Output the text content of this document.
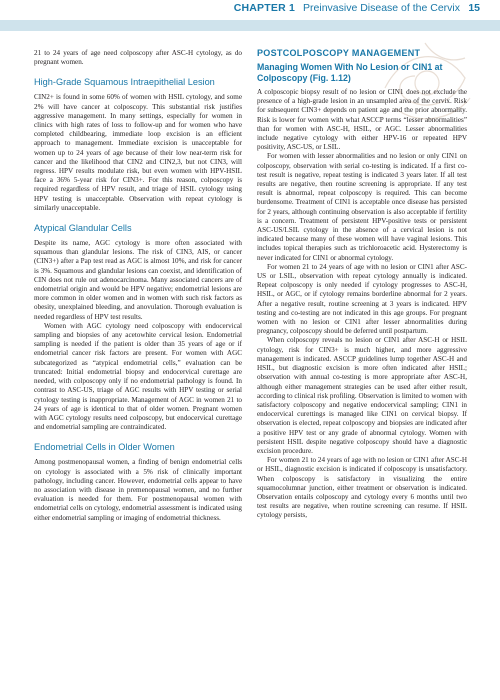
CHAPTER 1 Preinvasive Disease of the Cervix 15

21 to 24 years of age need colposcopy after ASC-H cytology, as do pregnant women.

High-Grade Squamous Intraepithelial Lesion

CIN2+ is found in some 60% of women with HSIL cytology, and some 2% will have cancer at colposcopy. This substantial risk justifies aggressive management. In many settings, especially for women in clinics with high rates of loss to follow-up and for women who have completed childbearing, immediate loop excision is an efficient approach to management. Immediate excision is unacceptable for women up to 24 years of age because of their low near-term risk for cancer and the likelihood that CIN2 and CIN2,3, but not CIN3, will regress. HPV results modulate risk, but even women with HPV-HSIL face a 36% 5-year risk for CIN3+. For this reason, colposcopy is required regardless of HPV result, and triage of HSIL cytology using HPV testing is unacceptable. Observation with repeat cytology is similarly unacceptable.

Atypical Glandular Cells

Despite its name, AGC cytology is more often associated with squamous than glandular lesions. The risk of CIN3, AIS, or cancer (CIN3+) after a Pap test read as AGC is almost 10%, and risk for cancer is 3%. Squamous and glandular lesions can coexist, and identification of CIN does not rule out adenocarcinoma. Many associated cancers are of endometrial origin and would be HPV negative; endometrial lesions are more common in older women and in women with such risk factors as obesity, unexplained bleeding, and anovulation. Thorough evaluation is needed regardless of HPV test results.

Women with AGC cytology need colposcopy with endocervical sampling and biopsies of any acetowhite cervical lesion. Endometrial sampling is needed if the patient is older than 35 years of age or if endometrial cancer risk factors are present. For women with AGC subcategorized as “atypical endometrial cells,” evaluation can be truncated: Initial endometrial biopsy and endocervical curettage are needed, with colposcopy only if no endometrial pathology is found. In contrast to ASC-US, triage of AGC results with HPV testing or serial cytology testing is inappropriate. Management of AGC in women 21 to 24 years of age is identical to that of older women. Pregnant women with AGC cytology results need colposcopy, but endocervical curettage and endometrial sampling are contraindicated.

Endometrial Cells in Older Women

Among postmenopausal women, a finding of benign endometrial cells on cytology is associated with a 5% risk of clinically important pathology, including cancer. However, endometrial cells appear to have no association with disease in premenopausal women, and no further evaluation is needed for them. For postmenopausal women with endometrial cells on cytology, endometrial assessment is indicated using either endometrial sampling or imaging of endometrial thickness.

POSTCOLPOSCOPY MANAGEMENT
Managing Women With No Lesion or CIN1 at
Colposcopy (Fig. 1.12)

A colposcopic biopsy result of no lesion or CIN1 does not exclude the presence of a high-grade lesion in an unsampled area of the cervix. Risk for subsequent CIN3+ depends on patient age and the prior abnormality. Risk is lower for women with what ASCCP terms “lesser abnormalities” than for women with ASC-H, HSIL, or AGC. Lesser abnormalities include negative cytology with either HPV-16 or repeated HPV positivity, ASC-US, or LSIL.

For women with lesser abnormalities and no lesion or only CIN1 on colposcopy, observation with serial co-testing is indicated. If a first co-test result is negative, repeat testing is indicated 3 years later. If all test results are negative, then routine screening is appropriate. If any test result is abnormal, repeat colposcopy is required. This can become burdensome. Treatment of CIN1 is acceptable once disease has persisted for 2 years, although continuing observation is also acceptable if fertility is a concern. Treatment of persistent HPV-positive tests or persistent ASC-US/LSIL cytology in the absence of a cervical lesion is not indicated because many of these women will have vaginal lesions. This includes topical therapies such as trichloroacetic acid. Hysterectomy is never indicated for CIN1 or abnormal cytology.

For women 21 to 24 years of age with no lesion or CIN1 after ASC-US or LSIL, observation with repeat cytology annually is indicated. Repeat colposcopy is only needed if cytology progresses to ASC-H, HSIL, or AGC, or if cytology remains borderline abnormal for 2 years. After a negative result, routine screening at 3 years is indicated. HPV testing and co-testing are not indicated in this age groups. For pregnant women with no lesion or CIN1 after lesser abnormalities during pregnancy, colposcopy should be deferred until postpartum.

When colposcopy reveals no lesion or CIN1 after ASC-H or HSIL cytology, risk for CIN3+ is much higher, and more aggressive management is indicated. ASCCP guidelines lump together ASC-H and HSIL, but diagnostic excision is more often indicated after HSIL; observation with annual co-testing is more appropriate after ASC-H, although either management strategies can be used after either result, according to clinical risk profiling. Observation is limited to women with satisfactory colposcopy and negative endocervical sampling; CIN1 in endocervical curettings is managed like CIN1 on cervical biopsy. If observation is elected, repeat colposcopy and biopsies are indicated after a positive HPV test or any grade of abnormal cytology. Women with persistent HSIL despite negative colposcopy should have a diagnostic excision procedure.

For women 21 to 24 years of age with no lesion or CIN1 after ASC-H or HSIL, diagnostic excision is indicated if colposcopy is unsatisfactory. When colposcopy is satisfactory in visualizing the entire squamocolumnar junction, either treatment or observation is indicated. Observation entails colposcopy and cytology every 6 months until two test results are negative, when routine screening can resume. If HSIL cytology persists,
